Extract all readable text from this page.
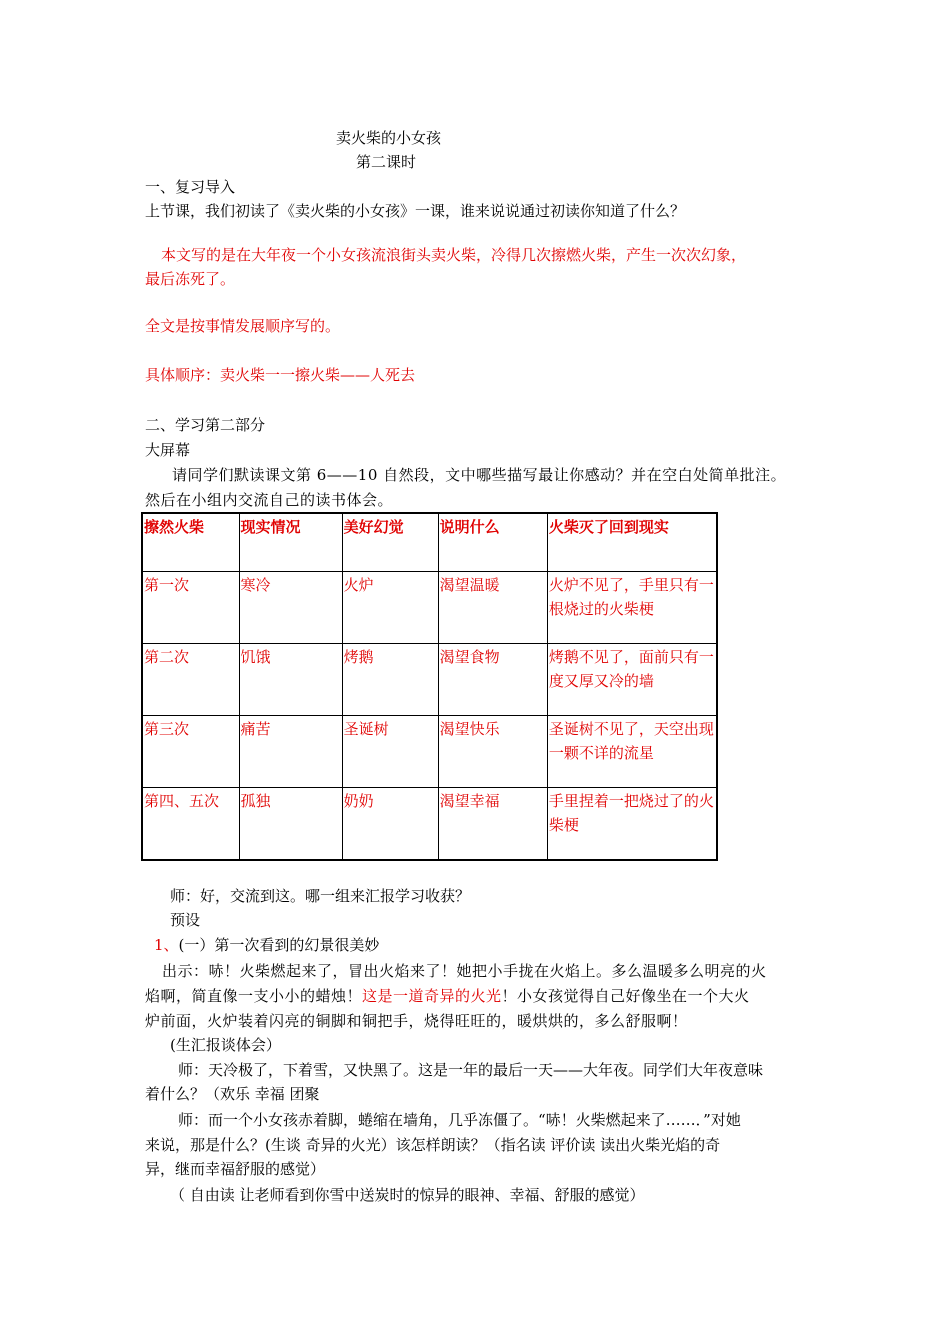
卖火柴的小女孩
第二课时
一、复习导入
上节课，我们初读了《卖火柴的小女孩》一课，谁来说说通过初读你知道了什么？
本文写的是在大年夜一个小女孩流浪街头卖火柴，冷得几次擦燃火柴，产生一次次幻象，
最后冻死了。
全文是按事情发展顺序写的。
具体顺序：卖火柴一一擦火柴——人死去
二、学习第二部分
大屏幕
请同学们默读课文第 6——10 自然段，文中哪些描写最让你感动？并在空白处简单批注。
然后在小组内交流自己的读书体会。
擦然火柴	现实情况	美好幻觉	说明什么	火柴灭了回到现实
第一次	寒冷	火炉	渴望温暖	火炉不见了，手里只有一根烧过的火柴梗
第二次	饥饿	烤鹅	渴望食物	烤鹅不见了，面前只有一度又厚又冷的墙
第三次	痛苦	圣诞树	渴望快乐	圣诞树不见了，天空出现一颗不详的流星
第四、五次	孤独	奶奶	渴望幸福	手里捏着一把烧过了的火柴梗
师：好，交流到这。哪一组来汇报学习收获？
预设
1、(一）第一次看到的幻景很美妙
出示：哧！火柴燃起来了，冒出火焰来了！她把小手拢在火焰上。多么温暖多么明亮的火
焰啊，简直像一支小小的蜡烛！这是一道奇异的火光！小女孩觉得自己好像坐在一个大火
炉前面，火炉装着闪亮的铜脚和铜把手，烧得旺旺的，暖烘烘的，多么舒服啊！
(生汇报谈体会）
师：天冷极了，下着雪，又快黑了。这是一年的最后一天——大年夜。同学们大年夜意味
着什么？（欢乐 幸福 团聚
师：而一个小女孩赤着脚，蜷缩在墙角，几乎冻僵了。“哧！火柴燃起来了……．”对她
来说，那是什么？(生谈 奇异的火光）该怎样朗读？（指名读 评价读 读出火柴光焰的奇
异，继而幸福舒服的感觉）
（ 自由读 让老师看到你雪中送炭时的惊异的眼神、幸福、舒服的感觉）
